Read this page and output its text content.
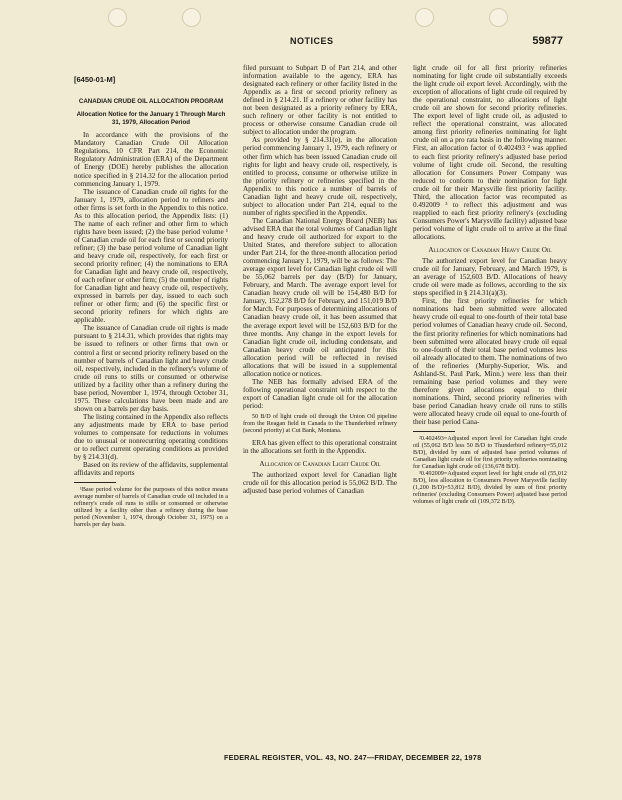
NOTICES	59877
[6450-01-M]

CANADIAN CRUDE OIL ALLOCATION PROGRAM

Allocation Notice for the January 1 Through March 31, 1979, Allocation Period

In accordance with the provisions of the Mandatory Canadian Crude Oil Allocation Regulations, 10 CFR Part 214, the Economic Regulatory Administration (ERA) of the Department of Energy (DOE) hereby publishes the allocation notice specified in § 214.32 for the allocation period commencing January 1, 1979.

The issuance of Canadian crude oil rights for the January 1, 1979, allocation period to refiners and other firms is set forth in the Appendix to this notice. As to this allocation period, the Appendix lists: (1) The name of each refiner and other firm to which rights have been issued; (2) the base period volume ¹ of Canadian crude oil for each first or second priority refiner; (3) the base period volume of Canadian light and heavy crude oil, respectively, for each first or second priority refiner; (4) the nominations to ERA for Canadian light and heavy crude oil, respectively, of each refiner or other firm; (5) the number of rights for Canadian light and heavy crude oil, respectively, expressed in barrels per day, issued to each such refiner or other firm; and (6) the specific first or second priority refiners for which rights are applicable.

The issuance of Canadian crude oil rights is made pursuant to § 214.31, which provides that rights may be issued to refiners or other firms that own or control a first or second priority refinery based on the number of barrels of Canadian light and heavy crude oil, respectively, included in the refinery's volume of crude oil runs to stills or consumed or otherwise utilized by a facility other than a refinery during the base period, November 1, 1974, through October 31, 1975. These calculations have been made and are shown on a barrels per day basis.

The listing contained in the Appendix also reflects any adjustments made by ERA to base period volumes to compensate for reductions in volumes due to unusual or nonrecurring operating conditions or to reflect current operating conditions as provided by § 214.31(d).

Based on its review of the affidavits, supplemental affidavits and reports

¹Base period volume for the purposes of this notice means average number of barrels of Canadian crude oil included in a refinery's crude oil runs to stills or consumed or otherwise utilized by a facility other than a refinery during the base period (November 1, 1974, through October 31, 1975) on a barrels per day basis.

filed pursuant to Subpart D of Part 214, and other information available to the agency, ERA has designated each refinery or other facility listed in the Appendix as a first or second priority refinery as defined in § 214.21. If a refinery or other facility has not been designated as a priority refinery by ERA, such refinery or other facility is not entitled to process or otherwise consume Canadian crude oil subject to allocation under the program.

As provided by § 214.31(e), in the allocation period commencing January 1, 1979, each refinery or other firm which has been issued Canadian crude oil rights for light and heavy crude oil, respectively, is entitled to process, consume or otherwise utilize in the priority refinery or refineries specified in the Appendix to this notice a number of barrels of Canadian light and heavy crude oil, respectively, subject to allocation under Part 214, equal to the number of rights specified in the Appendix.

The Canadian National Energy Board (NEB) has advised ERA that the total volumes of Canadian light and heavy crude oil authorized for export to the United States, and therefore subject to allocation under Part 214, for the three-month allocation period commencing January 1, 1979, will be as follows: The average export level for Canadian light crude oil will be 55,062 barrels per day (B/D) for January, February, and March. The average export level for Canadian heavy crude oil will be 154,480 B/D for January, 152,278 B/D for February, and 151,019 B/D for March. For purposes of determining allocations of Canadian heavy crude oil, it has been assumed that the average export level will be 152,603 B/D for the three months. Any change in the export levels for Canadian light crude oil, including condensate, and Canadian heavy crude oil anticipated for this allocation period will be reflected in revised allocations that will be issued in a supplemental allocation notice or notices.

The NEB has formally advised ERA of the following operational constraint with respect to the export of Canadian light crude oil for the allocation period:

50 B/D of light crude oil through the Union Oil pipeline from the Reagan field in Canada to the Thunderbird refinery (second priority) at Cut Bank, Montana.

ERA has given effect to this operational constraint in the allocations set forth in the Appendix.

Allocation of Canadian Light Crude Oil

The authorized export level for Canadian light crude oil for this allocation period is 55,062 B/D. The adjusted base period volumes of Canadian

light crude oil for all first priority refineries nominating for light crude oil substantially exceeds the light crude oil export level. Accordingly, with the exception of allocations of light crude oil required by the operational constraint, no allocations of light crude oil are shown for second priority refineries. The export level of light crude oil, as adjusted to reflect the operational constraint, was allocated among first priority refineries nominating for light crude oil on a pro rata basis in the following manner. First, an allocation factor of 0.402493 ² was applied to each first priority refinery's adjusted base period volume of light crude oil. Second, the resulting allocation for Consumers Power Company was reduced to conform to their nomination for light crude oil for their Marysville first priority facility. Third, the allocation factor was recomputed as 0.492009 ³ to reflect this adjustment and was reapplied to each first priority refinery's (excluding Consumers Power's Marysville facility) adjusted base period volume of light crude oil to arrive at the final allocations.

Allocation of Canadian Heavy Crude Oil

The authorized export level for Canadian heavy crude oil for January, February, and March 1979, is an average of 152,603 B/D. Allocations of heavy crude oil were made as follows, according to the six steps specified in § 214.31(a)(3).

First, the first priority refineries for which nominations had been submitted were allocated heavy crude oil equal to one-fourth of their total base period volumes of Canadian heavy crude oil. Second, the first priority refineries for which nominations had been submitted were allocated heavy crude oil equal to one-fourth of their total base period volumes less oil already allocated to them. The nominations of two of the refineries (Murphy-Superior, Wis. and Ashland-St. Paul Park, Minn.) were less than their remaining base period volumes and they were therefore given allocations equal to their nominations. Third, second priority refineries with base period Canadian heavy crude oil runs to stills were allocated heavy crude oil equal to one-fourth of their base period Cana-

²0.402493=Adjusted export level for Canadian light crude oil (55,062 B/D less 50 B/D to Thunderbird refinery=55,012 B/D), divided by sum of adjusted base period volumes of Canadian light crude oil for first priority refineries nominating for Canadian light crude oil (136,678 B/D).

³0.492009=Adjusted export level for light crude oil (55,012 B/D), less allocation to Consumers Power Marysville facility (1,200 B/D)=53,812 B/D), divided by sum of first priority refineries' (excluding Consumers Power) adjusted base period volumes of light crude oil (109,372 B/D).

FEDERAL REGISTER, VOL. 43, NO. 247—FRIDAY, DECEMBER 22, 1978
